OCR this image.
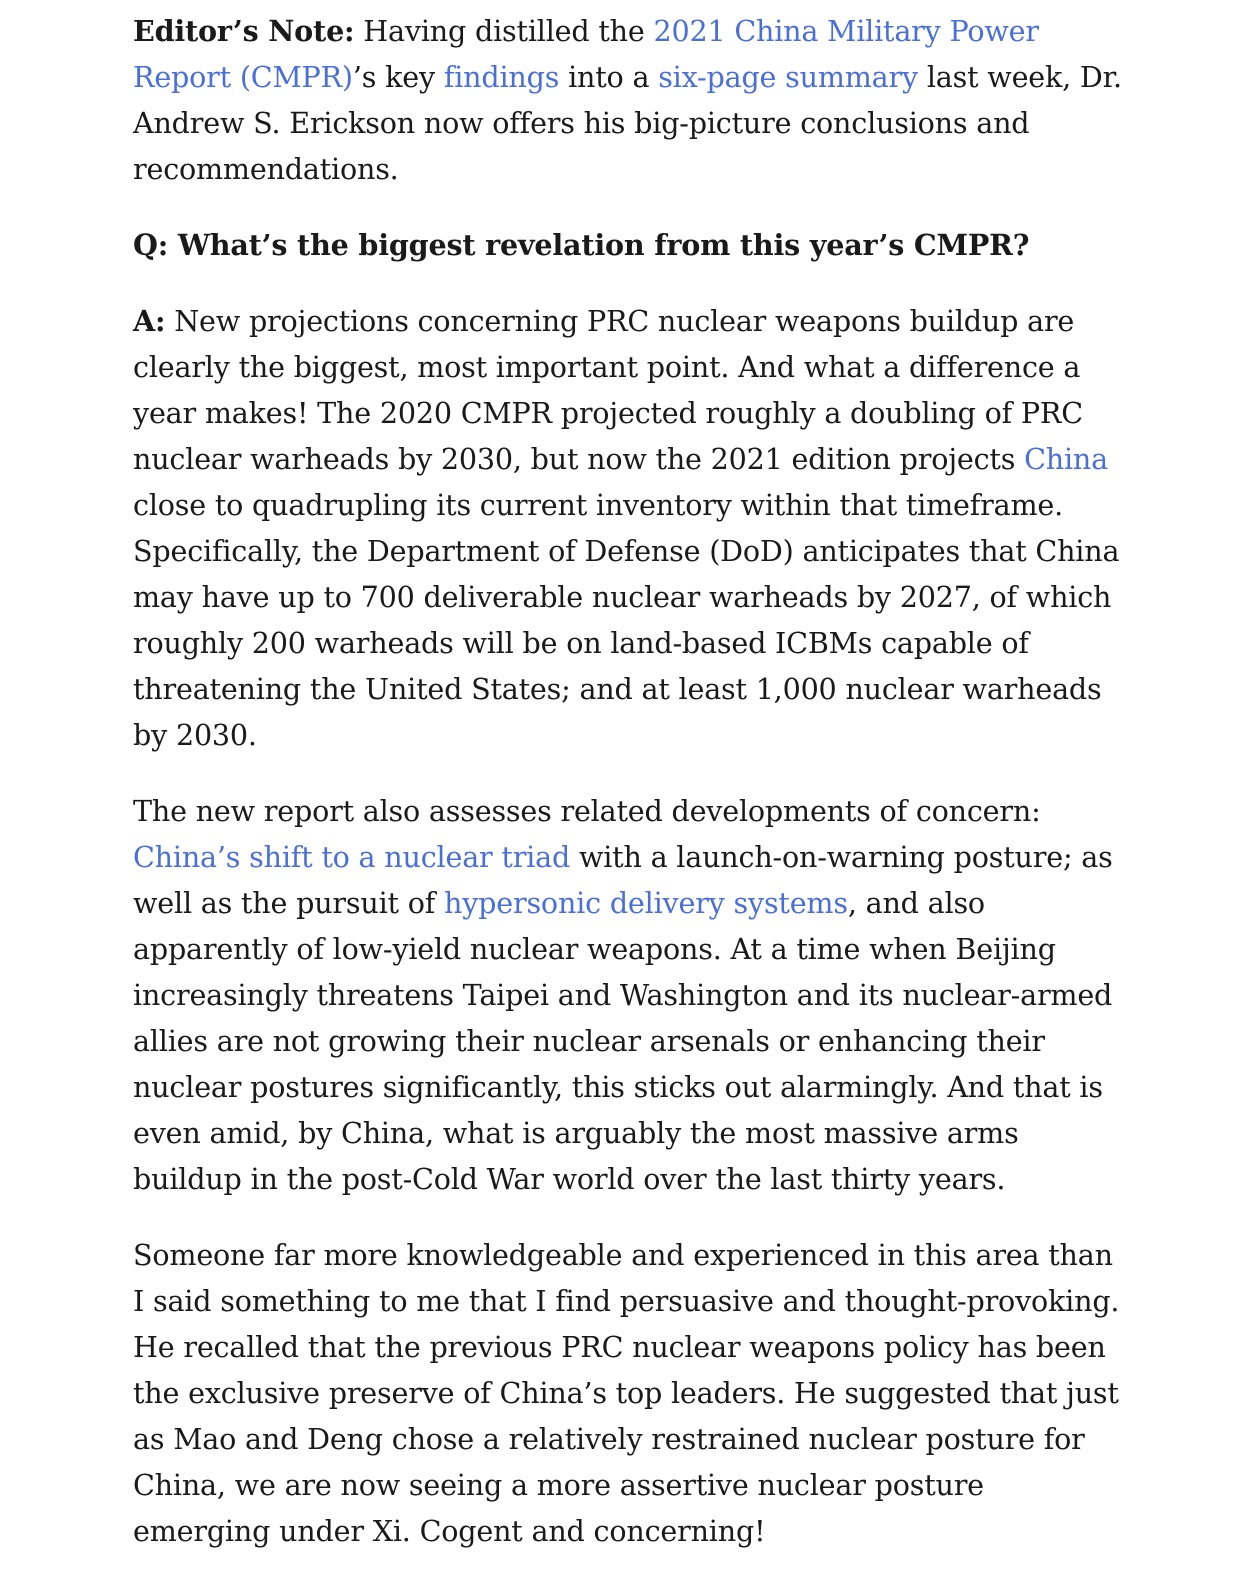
Editor’s Note: Having distilled the 2021 China Military Power Report (CMPR)’s key findings into a six-page summary last week, Dr. Andrew S. Erickson now offers his big-picture conclusions and recommendations.

Q: What’s the biggest revelation from this year’s CMPR?

A: New projections concerning PRC nuclear weapons buildup are clearly the biggest, most important point. And what a difference a year makes! The 2020 CMPR projected roughly a doubling of PRC nuclear warheads by 2030, but now the 2021 edition projects China close to quadrupling its current inventory within that timeframe. Specifically, the Department of Defense (DoD) anticipates that China may have up to 700 deliverable nuclear warheads by 2027, of which roughly 200 warheads will be on land-based ICBMs capable of threatening the United States; and at least 1,000 nuclear warheads by 2030.

The new report also assesses related developments of concern: China’s shift to a nuclear triad with a launch-on-warning posture; as well as the pursuit of hypersonic delivery systems, and also apparently of low-yield nuclear weapons. At a time when Beijing increasingly threatens Taipei and Washington and its nuclear-armed allies are not growing their nuclear arsenals or enhancing their nuclear postures significantly, this sticks out alarmingly. And that is even amid, by China, what is arguably the most massive arms buildup in the post-Cold War world over the last thirty years.

Someone far more knowledgeable and experienced in this area than I said something to me that I find persuasive and thought-provoking. He recalled that the previous PRC nuclear weapons policy has been the exclusive preserve of China’s top leaders. He suggested that just as Mao and Deng chose a relatively restrained nuclear posture for China, we are now seeing a more assertive nuclear posture emerging under Xi. Cogent and concerning!
